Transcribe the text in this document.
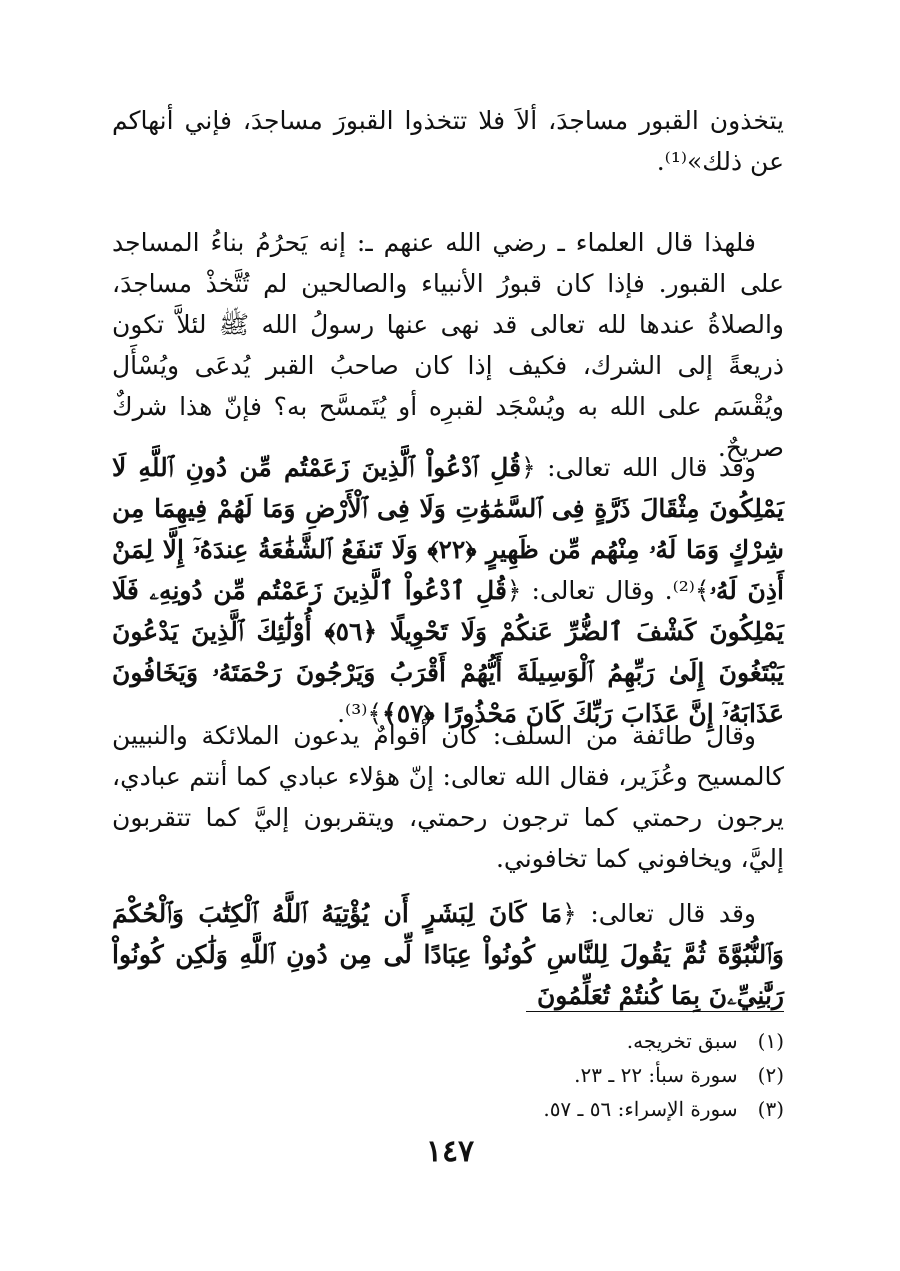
يتخذون القبور مساجدَ، ألاَ فلا تتخذوا القبورَ مساجدَ، فإني أنهاكم عن ذلك»⁽¹⁾.

فلهذا قال العلماء ـ رضي الله عنهم ـ: إنه يَحرُمُ بناءُ المساجد على القبور. فإذا كان قبورُ الأنبياء والصالحين لم تُتَّخذْ مساجدَ، والصلاةُ عندها لله تعالى قد نهى عنها رسولُ الله ﷺ لئلاَّ تكون ذريعةً إلى الشرك، فكيف إذا كان صاحبُ القبر يُدعَى ويُسْأَل ويُقْسَم على الله به ويُسْجَد لقبرِه أو يُتَمسَّح به؟ فإنّ هذا شركٌ صريحٌ.

وقد قال الله تعالى: ﴿قُلِ ٱدْعُواْ ٱلَّذِينَ زَعَمْتُم مِّن دُونِ ٱللَّهِ لَا يَمْلِكُونَ مِثْقَالَ ذَرَّةٍ فِى ٱلسَّمَٰوَٰتِ وَلَا فِى ٱلْأَرْضِ وَمَا لَهُمْ فِيهِمَا مِن شِرْكٍ وَمَا لَهُۥ مِنْهُم مِّن ظَهِيرٍ ﴿٢٢﴾ وَلَا تَنفَعُ ٱلشَّفَٰعَةُ عِندَهُۥٓ إِلَّا لِمَنْ أَذِنَ لَهُۥ﴾⁽²⁾. وقال تعالى: ﴿قُلِ ٱدْعُواْ ٱلَّذِينَ زَعَمْتُم مِّن دُونِهِۦ فَلَا يَمْلِكُونَ كَشْفَ ٱلضُّرِّ عَنكُمْ وَلَا تَحْوِيلًا ﴿٥٦﴾ أُوْلَٰٓئِكَ ٱلَّذِينَ يَدْعُونَ يَبْتَغُونَ إِلَىٰ رَبِّهِمُ ٱلْوَسِيلَةَ أَيُّهُمْ أَقْرَبُ وَيَرْجُونَ رَحْمَتَهُۥ وَيَخَافُونَ عَذَابَهُۥٓ إِنَّ عَذَابَ رَبِّكَ كَانَ مَحْذُورًا ﴿٥٧﴾﴾⁽³⁾.

وقال طائفة من السلف: كان أقوامٌ يدعون الملائكة والنبيين كالمسيح وعُزَير، فقال الله تعالى: إنّ هؤلاء عبادي كما أنتم عبادي، يرجون رحمتي كما ترجون رحمتي، ويتقربون إليَّ كما تتقربون إليَّ، ويخافوني كما تخافوني.

وقد قال تعالى: ﴿مَا كَانَ لِبَشَرٍ أَن يُؤْتِيَهُ ٱللَّهُ ٱلْكِتَٰبَ وَٱلْحُكْمَ وَٱلنُّبُوَّةَ ثُمَّ يَقُولَ لِلنَّاسِ كُونُواْ عِبَادًا لِّى مِن دُونِ ٱللَّهِ وَلَٰكِن كُونُواْ رَبَّٰنِيِّۦنَ بِمَا كُنتُمْ تُعَلِّمُونَ

(١) سبق تخريجه.
(٢) سورة سبأ: ٢٢ ـ ٢٣.
(٣) سورة الإسراء: ٥٦ ـ ٥٧.
١٤٧
